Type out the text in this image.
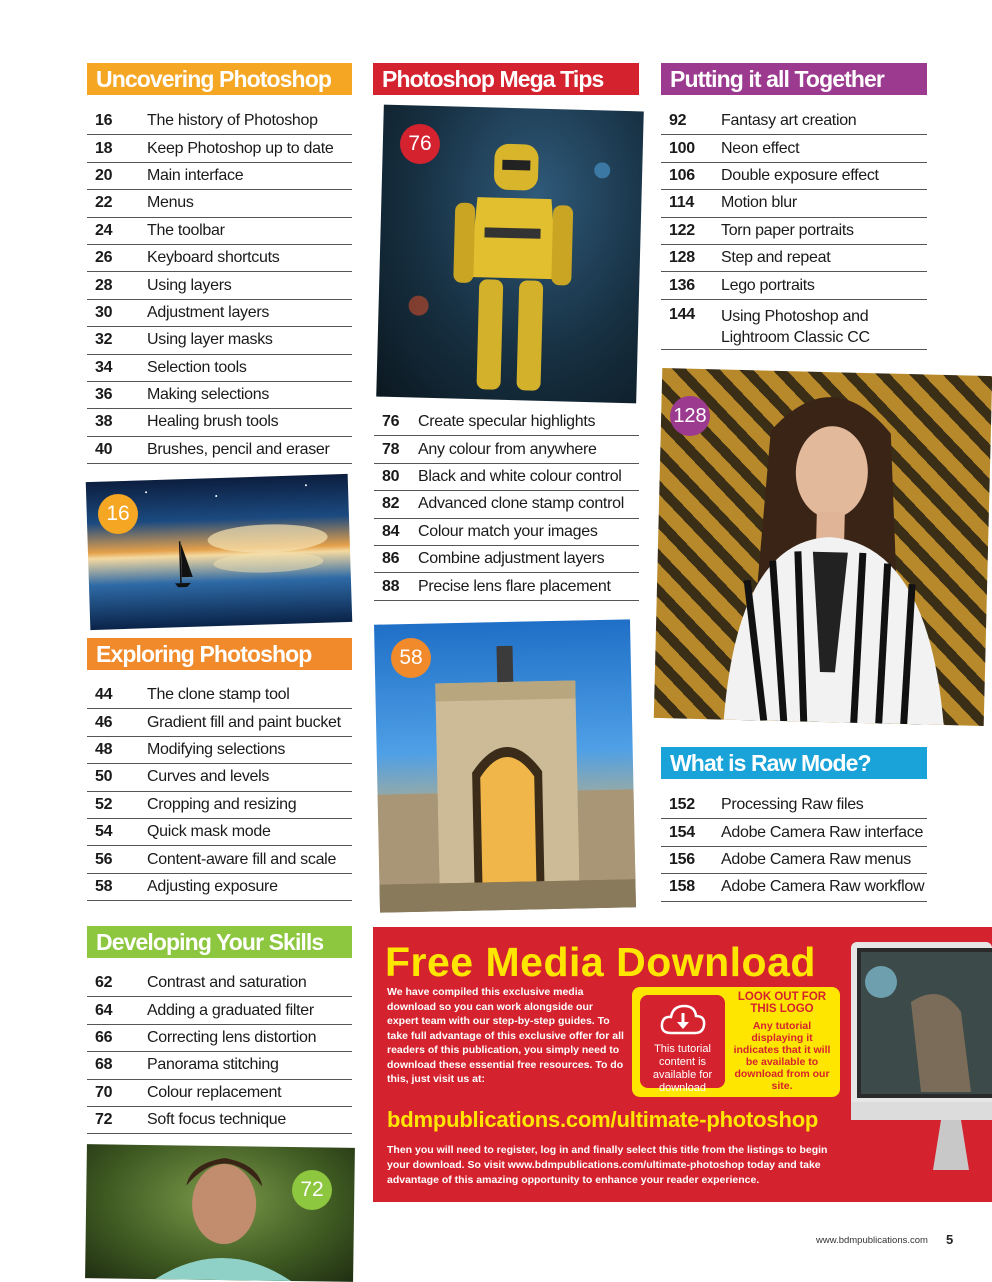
Uncovering Photoshop
16	The history of Photoshop
18	Keep Photoshop up to date
20	Main interface
22	Menus
24	The toolbar
26	Keyboard shortcuts
28	Using layers
30	Adjustment layers
32	Using layer masks
34	Selection tools
36	Making selections
38	Healing brush tools
40	Brushes, pencil and eraser
16
Exploring Photoshop
44	The clone stamp tool
46	Gradient fill and paint bucket
48	Modifying selections
50	Curves and levels
52	Cropping and resizing
54	Quick mask mode
56	Content-aware fill and scale
58	Adjusting exposure
Developing Your Skills
62	Contrast and saturation
64	Adding a graduated filter
66	Correcting lens distortion
68	Panorama stitching
70	Colour replacement
72	Soft focus technique
72
Photoshop Mega Tips
76
76	Create specular highlights
78	Any colour from anywhere
80	Black and white colour control
82	Advanced clone stamp control
84	Colour match your images
86	Combine adjustment layers
88	Precise lens flare placement
58
Putting it all Together
92	Fantasy art creation
100	Neon effect
106	Double exposure effect
114	Motion blur
122	Torn paper portraits
128	Step and repeat
136	Lego portraits
144	Using Photoshop and Lightroom Classic CC
128
What is Raw Mode?
152	Processing Raw files
154	Adobe Camera Raw interface
156	Adobe Camera Raw menus
158	Adobe Camera Raw workflow
Free Media Download
We have compiled this exclusive media download so you can work alongside our expert team with our step-by-step guides. To take full advantage of this exclusive offer for all readers of this publication, you simply need to download these essential free resources. To do this, just visit us at:
This tutorial content is available for download
LOOK OUT FOR THIS LOGO
Any tutorial displaying it indicates that it will be available to download from our site.
bdmpublications.com/ultimate-photoshop
Then you will need to register, log in and finally select this title from the listings to begin your download. So visit www.bdmpublications.com/ultimate-photoshop today and take advantage of this amazing opportunity to enhance your reader experience.
www.bdmpublications.com 5
